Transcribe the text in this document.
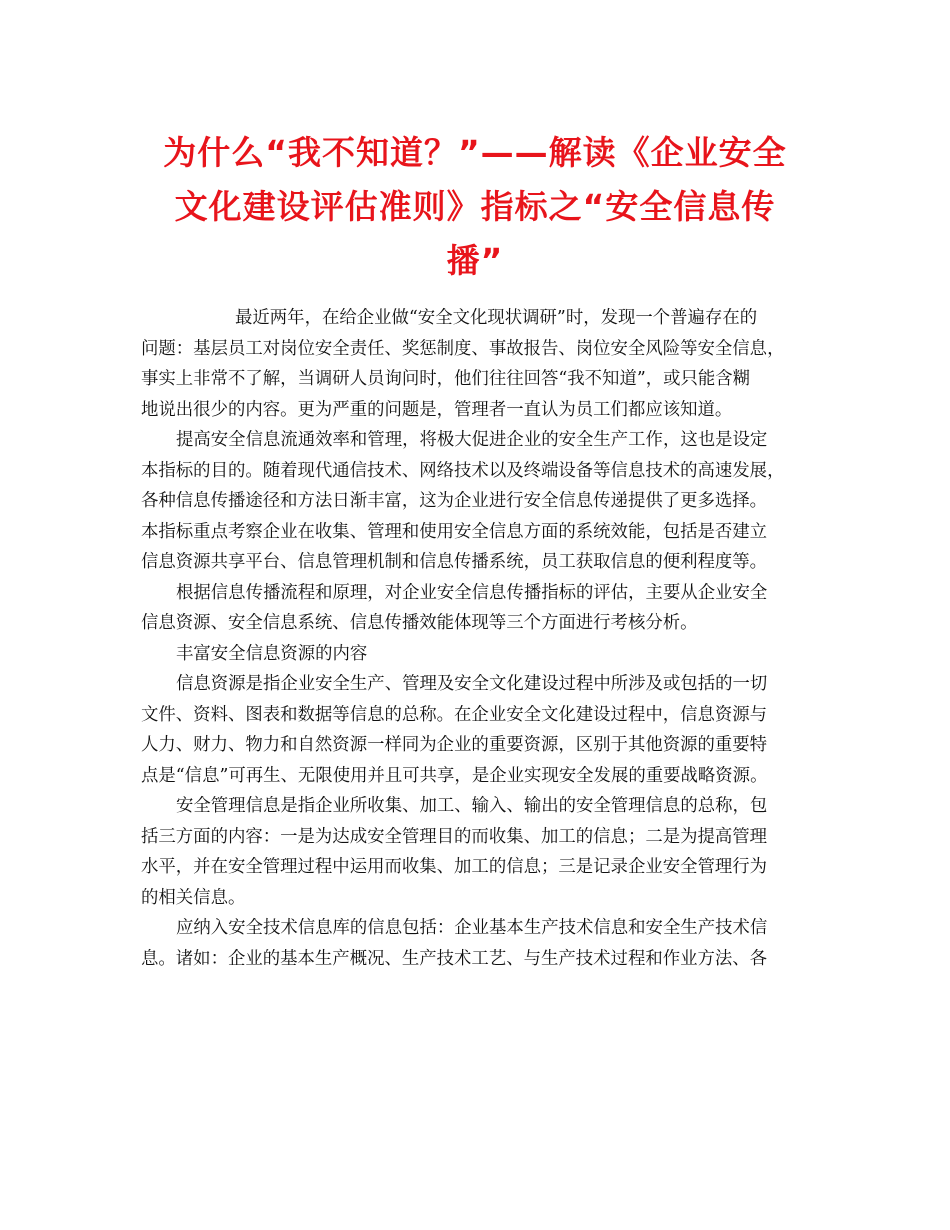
为什么“我不知道？”——解读《企业安全
文化建设评估准则》指标之“安全信息传
播”
最近两年，在给企业做“安全文化现状调研”时，发现一个普遍存在的
问题：基层员工对岗位安全责任、奖惩制度、事故报告、岗位安全风险等安全信息，
事实上非常不了解，当调研人员询问时，他们往往回答“我不知道”，或只能含糊
地说出很少的内容。更为严重的问题是，管理者一直认为员工们都应该知道。
提高安全信息流通效率和管理，将极大促进企业的安全生产工作，这也是设定
本指标的目的。随着现代通信技术、网络技术以及终端设备等信息技术的高速发展，
各种信息传播途径和方法日渐丰富，这为企业进行安全信息传递提供了更多选择。
本指标重点考察企业在收集、管理和使用安全信息方面的系统效能，包括是否建立
信息资源共享平台、信息管理机制和信息传播系统，员工获取信息的便利程度等。
根据信息传播流程和原理，对企业安全信息传播指标的评估，主要从企业安全
信息资源、安全信息系统、信息传播效能体现等三个方面进行考核分析。
丰富安全信息资源的内容
信息资源是指企业安全生产、管理及安全文化建设过程中所涉及或包括的一切
文件、资料、图表和数据等信息的总称。在企业安全文化建设过程中，信息资源与
人力、财力、物力和自然资源一样同为企业的重要资源，区别于其他资源的重要特
点是“信息”可再生、无限使用并且可共享，是企业实现安全发展的重要战略资源。
安全管理信息是指企业所收集、加工、输入、输出的安全管理信息的总称，包
括三方面的内容：一是为达成安全管理目的而收集、加工的信息；二是为提高管理
水平，并在安全管理过程中运用而收集、加工的信息；三是记录企业安全管理行为
的相关信息。
应纳入安全技术信息库的信息包括：企业基本生产技术信息和安全生产技术信
息。诸如：企业的基本生产概况、生产技术工艺、与生产技术过程和作业方法、各
